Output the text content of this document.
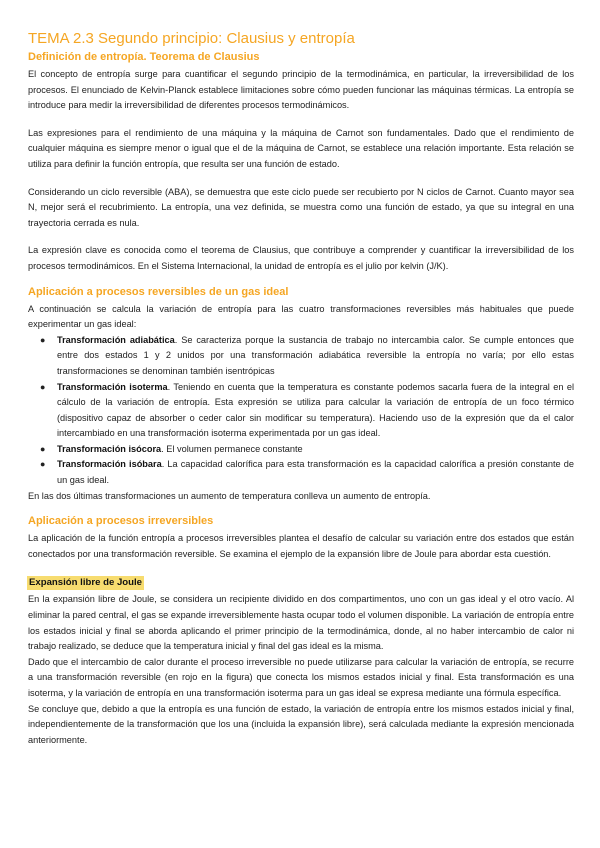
TEMA 2.3 Segundo principio: Clausius y entropía
Definición de entropía. Teorema de Clausius

El concepto de entropía surge para cuantificar el segundo principio de la termodinámica, en particular, la irreversibilidad de los procesos. El enunciado de Kelvin-Planck establece limitaciones sobre cómo pueden funcionar las máquinas térmicas. La entropía se introduce para medir la irreversibilidad de diferentes procesos termodinámicos.

Las expresiones para el rendimiento de una máquina y la máquina de Carnot son fundamentales. Dado que el rendimiento de cualquier máquina es siempre menor o igual que el de la máquina de Carnot, se establece una relación importante. Esta relación se utiliza para definir la función entropía, que resulta ser una función de estado.

Considerando un ciclo reversible (ABA), se demuestra que este ciclo puede ser recubierto por N ciclos de Carnot. Cuanto mayor sea N, mejor será el recubrimiento. La entropía, una vez definida, se muestra como una función de estado, ya que su integral en una trayectoria cerrada es nula.

La expresión clave es conocida como el teorema de Clausius, que contribuye a comprender y cuantificar la irreversibilidad de los procesos termodinámicos. En el Sistema Internacional, la unidad de entropía es el julio por kelvin (J/K).

Aplicación a procesos reversibles de un gas ideal

A continuación se calcula la variación de entropía para las cuatro transformaciones reversibles más habituales que puede experimentar un gas ideal:

● Transformación adiabática. Se caracteriza porque la sustancia de trabajo no intercambia calor. Se cumple entonces que entre dos estados 1 y 2 unidos por una transformación adiabática reversible la entropía no varía; por ello estas transformaciones se denominan también isentrópicas
● Transformación isoterma. Teniendo en cuenta que la temperatura es constante podemos sacarla fuera de la integral en el cálculo de la variación de entropía. Esta expresión se utiliza para calcular la variación de entropía de un foco térmico (dispositivo capaz de absorber o ceder calor sin modificar su temperatura). Haciendo uso de la expresión que da el calor intercambiado en una transformación isoterma experimentada por un gas ideal.
● Transformación isócora. El volumen permanece constante
● Transformación isóbara. La capacidad calorífica para esta transformación es la capacidad calorífica a presión constante de un gas ideal.

En las dos últimas transformaciones un aumento de temperatura conlleva un aumento de entropía.

Aplicación a procesos irreversibles

La aplicación de la función entropía a procesos irreversibles plantea el desafío de calcular su variación entre dos estados que están conectados por una transformación reversible. Se examina el ejemplo de la expansión libre de Joule para abordar esta cuestión.

Expansión libre de Joule

En la expansión libre de Joule, se considera un recipiente dividido en dos compartimentos, uno con un gas ideal y el otro vacío. Al eliminar la pared central, el gas se expande irreversiblemente hasta ocupar todo el volumen disponible. La variación de entropía entre los estados inicial y final se aborda aplicando el primer principio de la termodinámica, donde, al no haber intercambio de calor ni trabajo realizado, se deduce que la temperatura inicial y final del gas ideal es la misma.

Dado que el intercambio de calor durante el proceso irreversible no puede utilizarse para calcular la variación de entropía, se recurre a una transformación reversible (en rojo en la figura) que conecta los mismos estados inicial y final. Esta transformación es una isoterma, y la variación de entropía en una transformación isoterma para un gas ideal se expresa mediante una fórmula específica.

Se concluye que, debido a que la entropía es una función de estado, la variación de entropía entre los mismos estados inicial y final, independientemente de la transformación que los una (incluida la expansión libre), será calculada mediante la expresión mencionada anteriormente.
